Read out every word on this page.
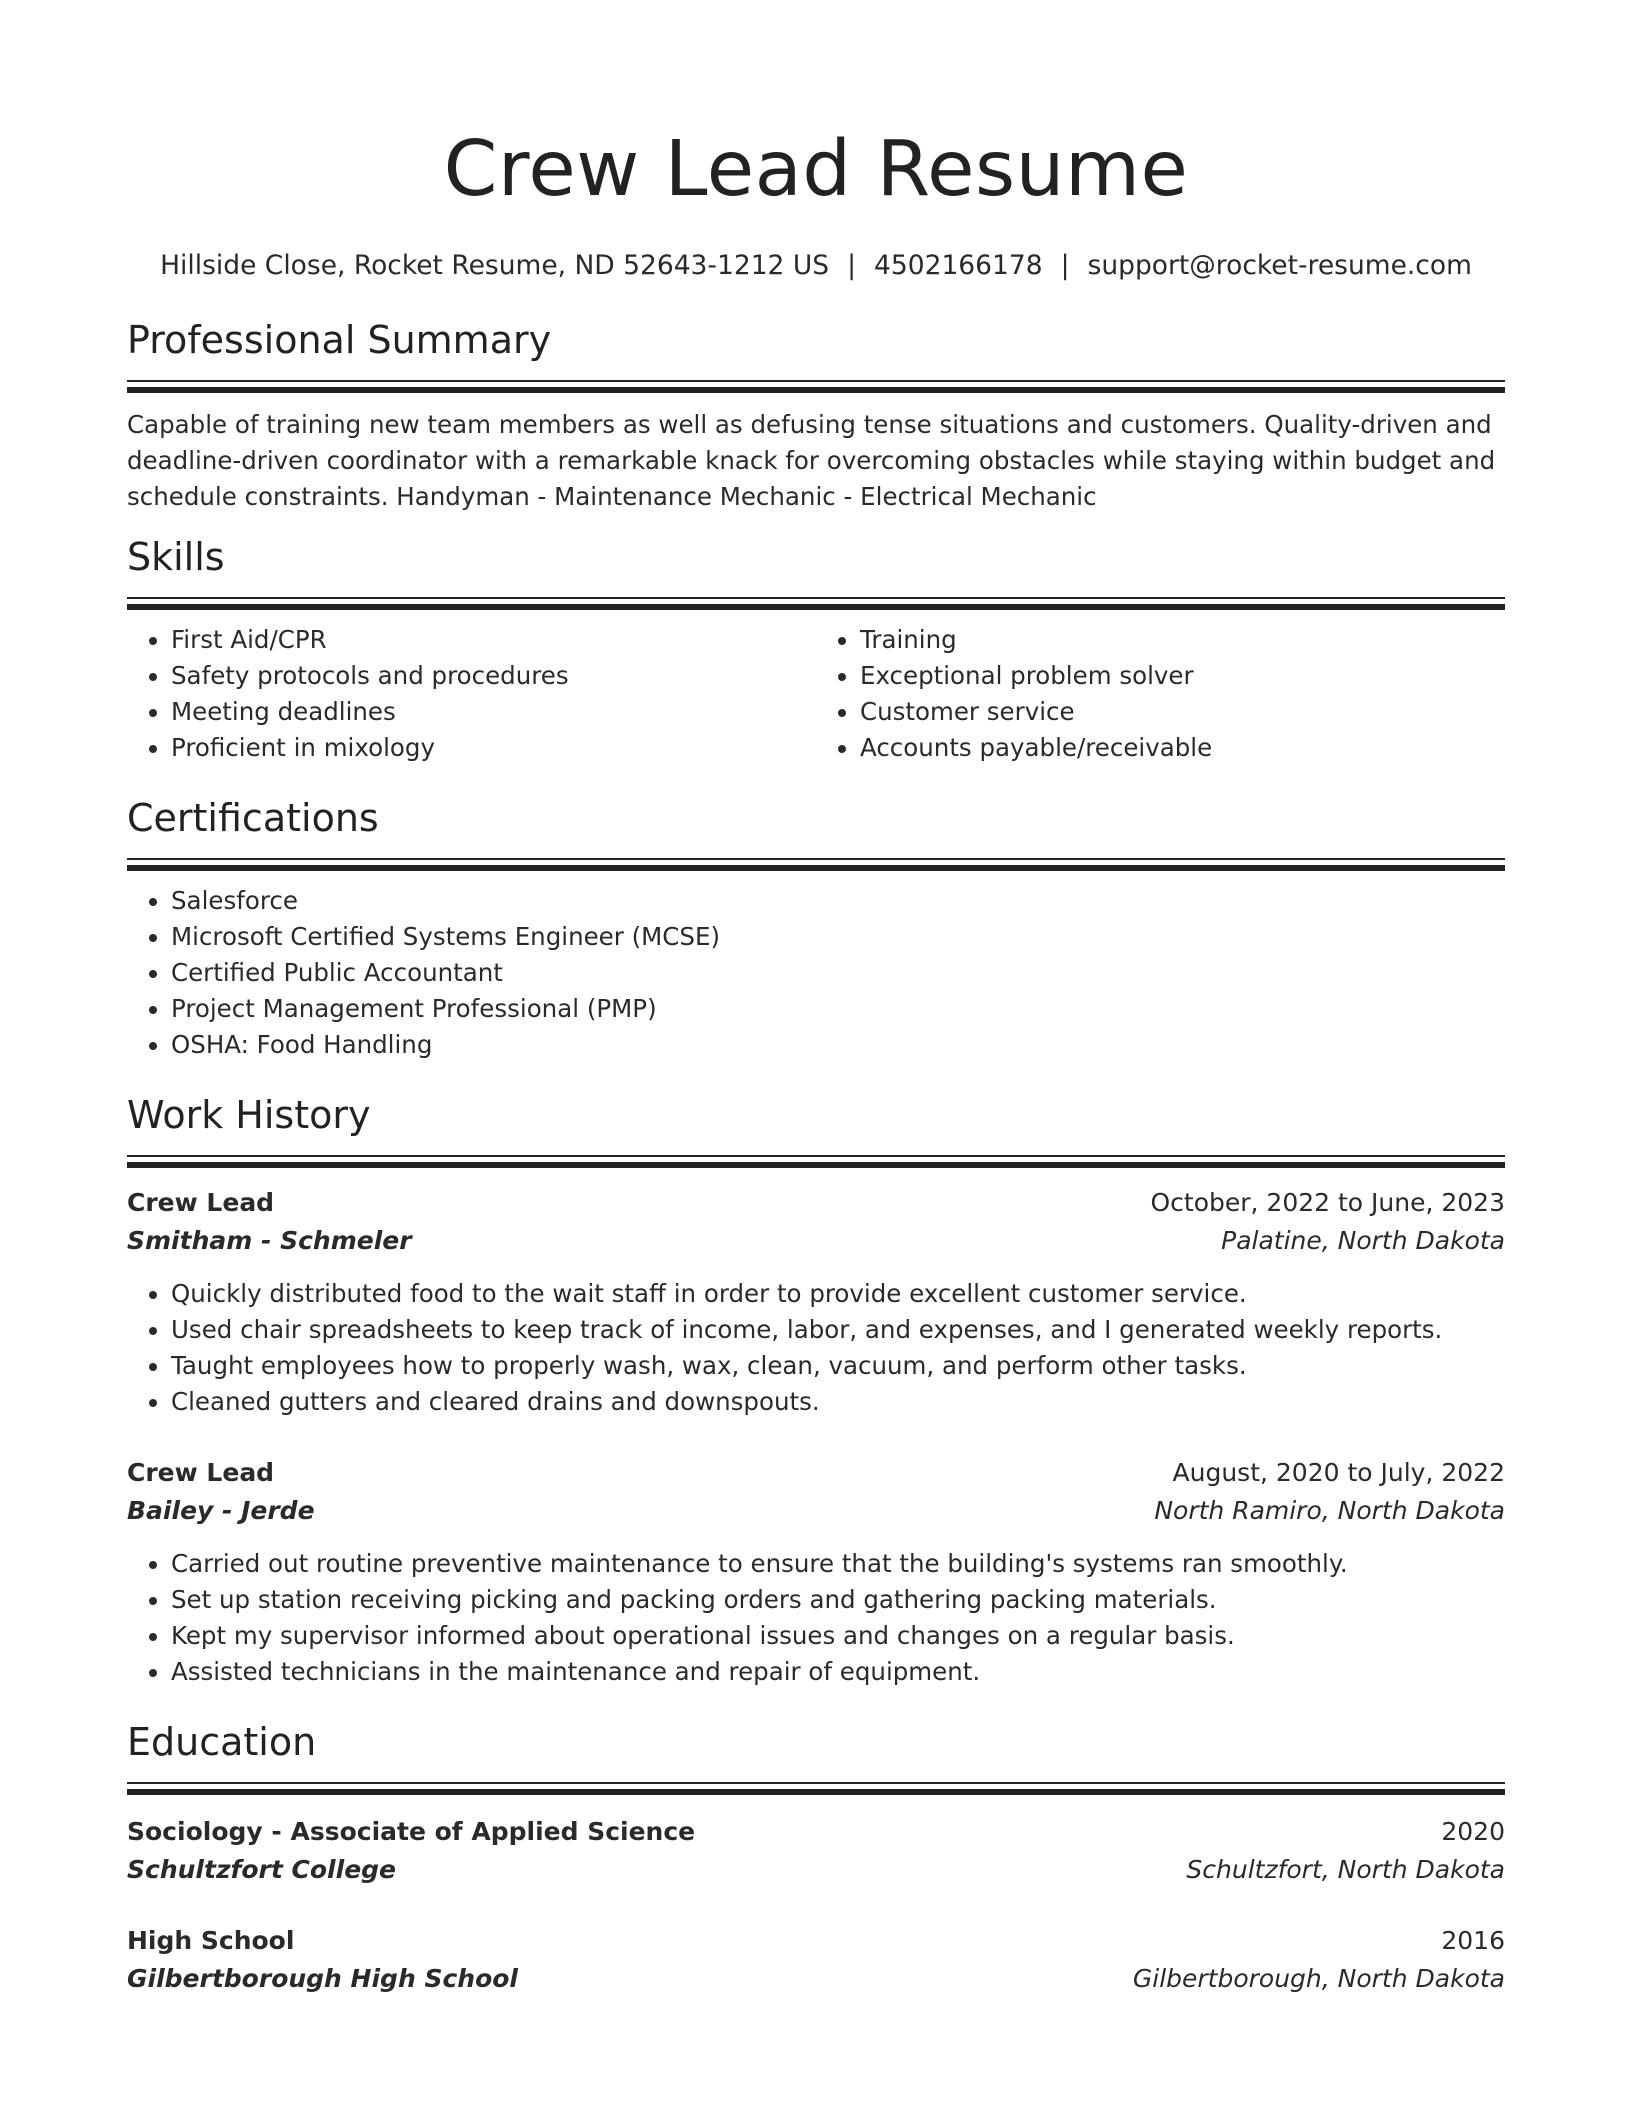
Crew Lead Resume
Hillside Close, Rocket Resume, ND 52643-1212 US | 4502166178 | support@rocket-resume.com
Professional Summary

Capable of training new team members as well as defusing tense situations and customers. Quality-driven and deadline-driven coordinator with a remarkable knack for overcoming obstacles while staying within budget and schedule constraints. Handyman - Maintenance Mechanic - Electrical Mechanic

Skills
• First Aid/CPR
• Safety protocols and procedures
• Meeting deadlines
• Proficient in mixology
• Training
• Exceptional problem solver
• Customer service
• Accounts payable/receivable
Certifications
• Salesforce
• Microsoft Certified Systems Engineer (MCSE)
• Certified Public Accountant
• Project Management Professional (PMP)
• OSHA: Food Handling
Work History
Crew Lead	October, 2022 to June, 2023
Smitham - Schmeler	Palatine, North Dakota
• Quickly distributed food to the wait staff in order to provide excellent customer service.
• Used chair spreadsheets to keep track of income, labor, and expenses, and I generated weekly reports.
• Taught employees how to properly wash, wax, clean, vacuum, and perform other tasks.
• Cleaned gutters and cleared drains and downspouts.
Crew Lead	August, 2020 to July, 2022
Bailey - Jerde	North Ramiro, North Dakota
• Carried out routine preventive maintenance to ensure that the building's systems ran smoothly.
• Set up station receiving picking and packing orders and gathering packing materials.
• Kept my supervisor informed about operational issues and changes on a regular basis.
• Assisted technicians in the maintenance and repair of equipment.
Education
Sociology - Associate of Applied Science	2020
Schultzfort College	Schultzfort, North Dakota
High School	2016
Gilbertborough High School	Gilbertborough, North Dakota
